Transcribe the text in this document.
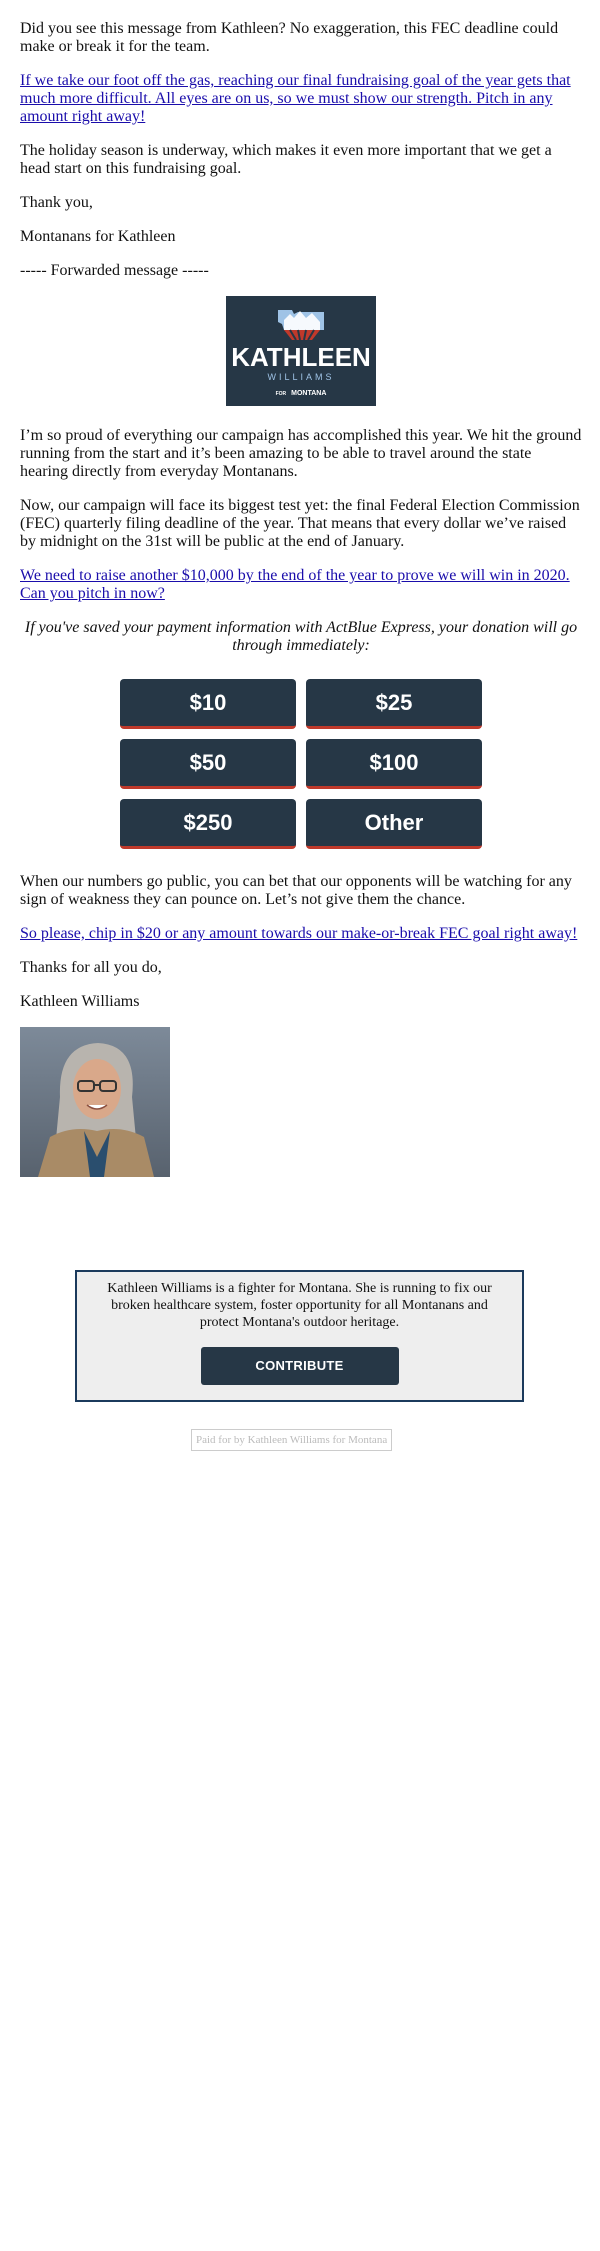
Did you see this message from Kathleen? No exaggeration, this FEC deadline could make or break it for the team.

If we take our foot off the gas, reaching our final fundraising goal of the year gets that much more difficult. All eyes are on us, so we must show our strength. Pitch in any amount right away!

The holiday season is underway, which makes it even more important that we get a head start on this fundraising goal.

Thank you,

Montanans for Kathleen

----- Forwarded message -----

KATHLEEN
WILLIAMS
FOR MONTANA

I’m so proud of everything our campaign has accomplished this year. We hit the ground running from the start and it’s been amazing to be able to travel around the state hearing directly from everyday Montanans.

Now, our campaign will face its biggest test yet: the final Federal Election Commission (FEC) quarterly filing deadline of the year. That means that every dollar we’ve raised by midnight on the 31st will be public at the end of January.

We need to raise another $10,000 by the end of the year to prove we will win in 2020. Can you pitch in now?

If you've saved your payment information with ActBlue Express, your donation will go through immediately:

$10	$25
$50	$100
$250	Other

When our numbers go public, you can bet that our opponents will be watching for any sign of weakness they can pounce on. Let’s not give them the chance.

So please, chip in $20 or any amount towards our make-or-break FEC goal right away!

Thanks for all you do,

Kathleen Williams

Kathleen Williams is a fighter for Montana. She is running to fix our broken healthcare system, foster opportunity for all Montanans and protect Montana's outdoor heritage.

CONTRIBUTE
Paid for by Kathleen Williams for Montana
